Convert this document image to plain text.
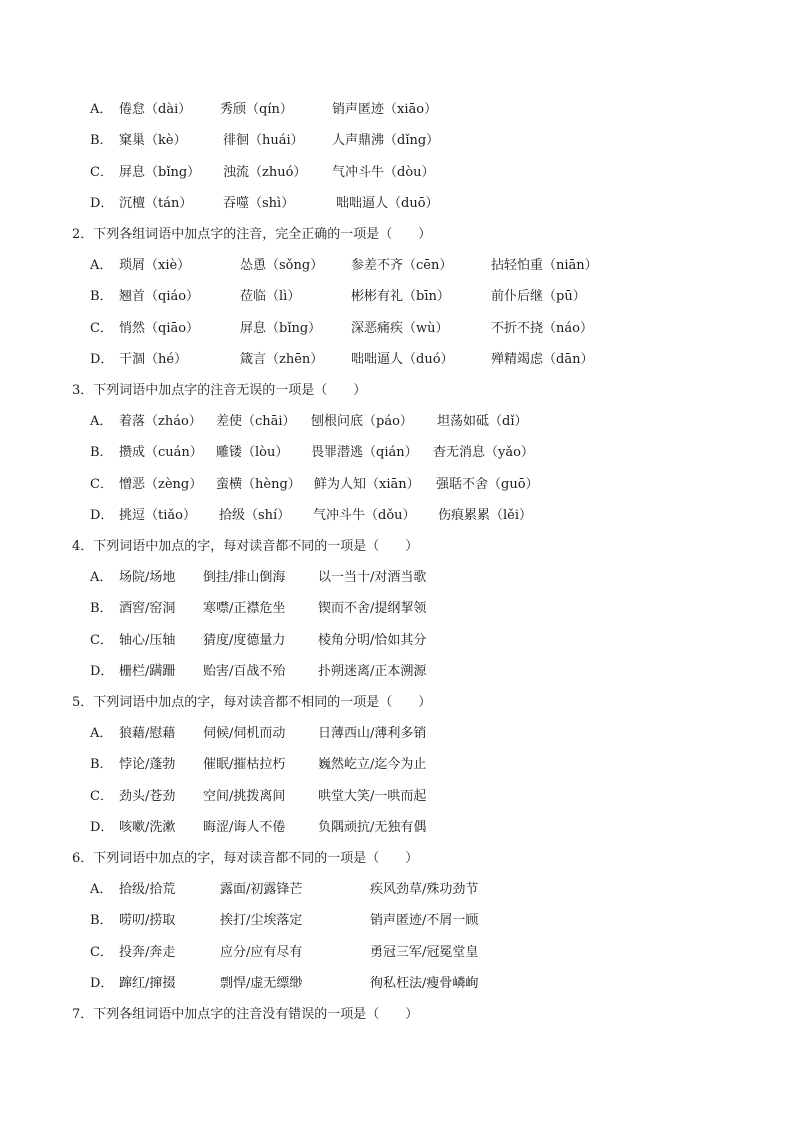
A． 倦怠（dài） 秀颀（qín）	销声匿迹（xiāo）
B． 窠巢（kè）	徘徊（huái） 人声鼎沸（dǐng）
C． 屏息（bǐng） 浊流（zhuó） 气冲斗牛（dòu）
D． 沉檀（tán） 吞噬（shì）	咄咄逼人（duō）
2．下列各组词语中加点字的注音，完全正确的一项是（　　）
A． 琐屑（xiè）	怂恿（sǒng） 参差不齐（cēn）	拈轻怕重（niān）
B． 翘首（qiáo）	莅临（lì）	彬彬有礼（bīn）	前仆后继（pū）
C． 悄然（qiāo）	屏息（bǐng） 深恶痛疾（wù）	不折不挠（náo）
D． 干涸（hé）	箴言（zhēn） 咄咄逼人（duó）	殚精竭虑（dān）
3．下列词语中加点字的注音无误的一项是（　　）
A． 着落（zháo） 差使（chāi） 刨根问底（páo） 坦荡如砥（dǐ）
B． 攒成（cuán） 雕镂（lòu） 畏罪潜逃（qián） 杳无消息（yǎo）
C． 憎恶（zèng） 蛮横（hèng） 鲜为人知（xiān） 强聒不舍（guō）
D． 挑逗（tiǎo） 拾级（shí） 气冲斗牛（dǒu） 伤痕累累（lěi）
4．下列词语中加点的字，每对读音都不同的一项是（　　）
A． 场院/场地 倒挂/排山倒海	以一当十/对酒当歌
B． 酒窖/窑洞 寒噤/正襟危坐	锲而不舍/提纲挈领
C． 轴心/压轴 猜度/度德量力	棱角分明/恰如其分
D． 栅栏/蹒跚 贻害/百战不殆	扑朔迷离/正本溯源
5．下列词语中加点的字，每对读音都不相同的一项是（　　）
A． 狼藉/慰藉 伺候/伺机而动	日薄西山/薄利多销
B． 悖论/蓬勃 催眠/摧枯拉朽	巍然屹立/迄今为止
C． 劲头/苍劲 空间/挑拨离间	哄堂大笑/一哄而起
D． 咳嗽/洗漱 晦涩/诲人不倦	负隅顽抗/无独有偶
6．下列词语中加点的字，每对读音都不同的一项是（　　）
A． 拾级/拾荒	露面/初露锋芒	疾风劲草/殊功劲节
B． 唠叨/捞取	挨打/尘埃落定	销声匿迹/不屑一顾
C． 投奔/奔走	应分/应有尽有	勇冠三军/冠冕堂皇
D． 蹿红/撺掇	剽悍/虚无缥缈	徇私枉法/瘦骨嶙峋
7．下列各组词语中加点字的注音没有错误的一项是（　　）
